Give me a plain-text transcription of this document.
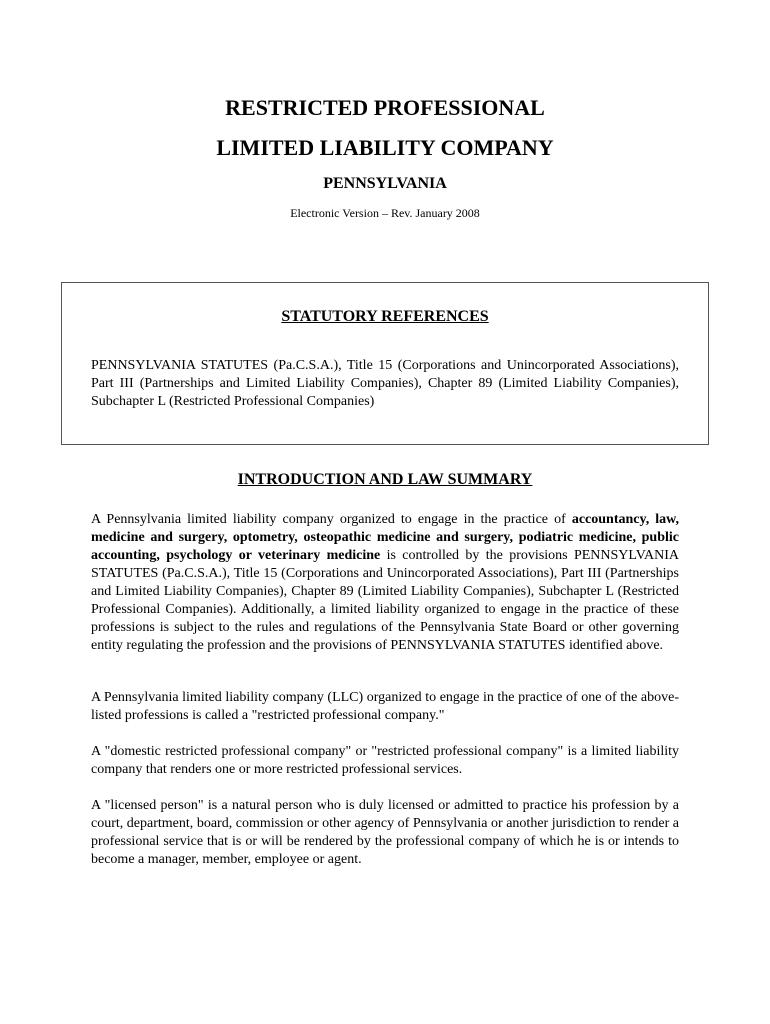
RESTRICTED PROFESSIONAL
LIMITED LIABILITY COMPANY
PENNSYLVANIA
Electronic Version – Rev. January 2008
STATUTORY REFERENCES
PENNSYLVANIA STATUTES (Pa.C.S.A.), Title 15 (Corporations and Unincorporated Associations), Part III (Partnerships and Limited Liability Companies), Chapter 89 (Limited Liability Companies), Subchapter L (Restricted Professional Companies)
INTRODUCTION AND LAW SUMMARY

A Pennsylvania limited liability company organized to engage in the practice of accountancy, law, medicine and surgery, optometry, osteopathic medicine and surgery, podiatric medicine, public accounting, psychology or veterinary medicine is controlled by the provisions PENNSYLVANIA STATUTES (Pa.C.S.A.), Title 15 (Corporations and Unincorporated Associations), Part III (Partnerships and Limited Liability Companies), Chapter 89 (Limited Liability Companies), Subchapter L (Restricted Professional Companies). Additionally, a limited liability organized to engage in the practice of these professions is subject to the rules and regulations of the Pennsylvania State Board or other governing entity regulating the profession and the provisions of PENNSYLVANIA STATUTES identified above.

A Pennsylvania limited liability company (LLC) organized to engage in the practice of one of the above-listed professions is called a "restricted professional company."

A "domestic restricted professional company" or "restricted professional company" is a limited liability company that renders one or more restricted professional services.

A "licensed person" is a natural person who is duly licensed or admitted to practice his profession by a court, department, board, commission or other agency of Pennsylvania or another jurisdiction to render a professional service that is or will be rendered by the professional company of which he is or intends to become a manager, member, employee or agent.
